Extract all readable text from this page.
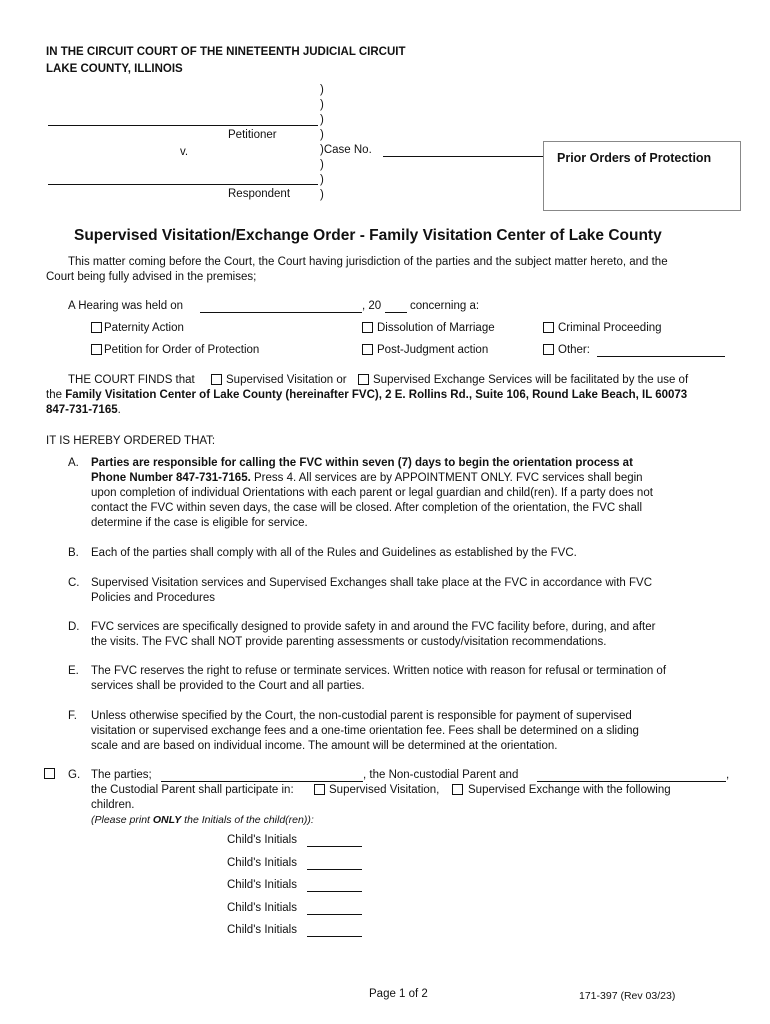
IN THE CIRCUIT COURT OF THE NINETEENTH JUDICIAL CIRCUIT
LAKE COUNTY, ILLINOIS
)
)
)
)
)
)
)
Petitioner
v.	)Case No.
Respondent
Prior Orders of Protection
Supervised Visitation/Exchange Order - Family Visitation Center of Lake County
This matter coming before the Court, the Court having jurisdiction of the parties and the subject matter hereto, and the
Court being fully advised in the premises;
A Hearing was held on	, 20	concerning a:
Paternity Action	Dissolution of Marriage	Criminal Proceeding
Petition for Order of Protection	Post-Judgment action	Other:
THE COURT FINDS that	Supervised Visitation or Supervised Exchange Services will be facilitated by the use of
the Family Visitation Center of Lake County (hereinafter FVC), 2 E. Rollins Rd., Suite 106, Round Lake Beach, IL 60073
847-731-7165.
IT IS HEREBY ORDERED THAT:
A. Parties are responsible for calling the FVC within seven (7) days to begin the orientation process at
Phone Number 847-731-7165. Press 4. All services are by APPOINTMENT ONLY. FVC services shall begin
upon completion of individual Orientations with each parent or legal guardian and child(ren). If a party does not
contact the FVC within seven days, the case will be closed. After completion of the orientation, the FVC shall
determine if the case is eligible for service.
B. Each of the parties shall comply with all of the Rules and Guidelines as established by the FVC.
C. Supervised Visitation services and Supervised Exchanges shall take place at the FVC in accordance with FVC
Policies and Procedures
D. FVC services are specifically designed to provide safety in and around the FVC facility before, during, and after
the visits. The FVC shall NOT provide parenting assessments or custody/visitation recommendations.
E. The FVC reserves the right to refuse or terminate services. Written notice with reason for refusal or termination of
services shall be provided to the Court and all parties.
F. Unless otherwise specified by the Court, the non-custodial parent is responsible for payment of supervised
visitation or supervised exchange fees and a one-time orientation fee. Fees shall be determined on a sliding
scale and are based on individual income. The amount will be determined at the orientation.
G. The parties;	, the Non-custodial Parent and	,
the Custodial Parent shall participate in:	Supervised Visitation, Supervised Exchange with the following
children.
(Please print ONLY the Initials of the child(ren)):
Child's Initials
Child's Initials
Child's Initials
Child's Initials
Child's Initials
Page 1 of 2	171-397 (Rev 03/23)
